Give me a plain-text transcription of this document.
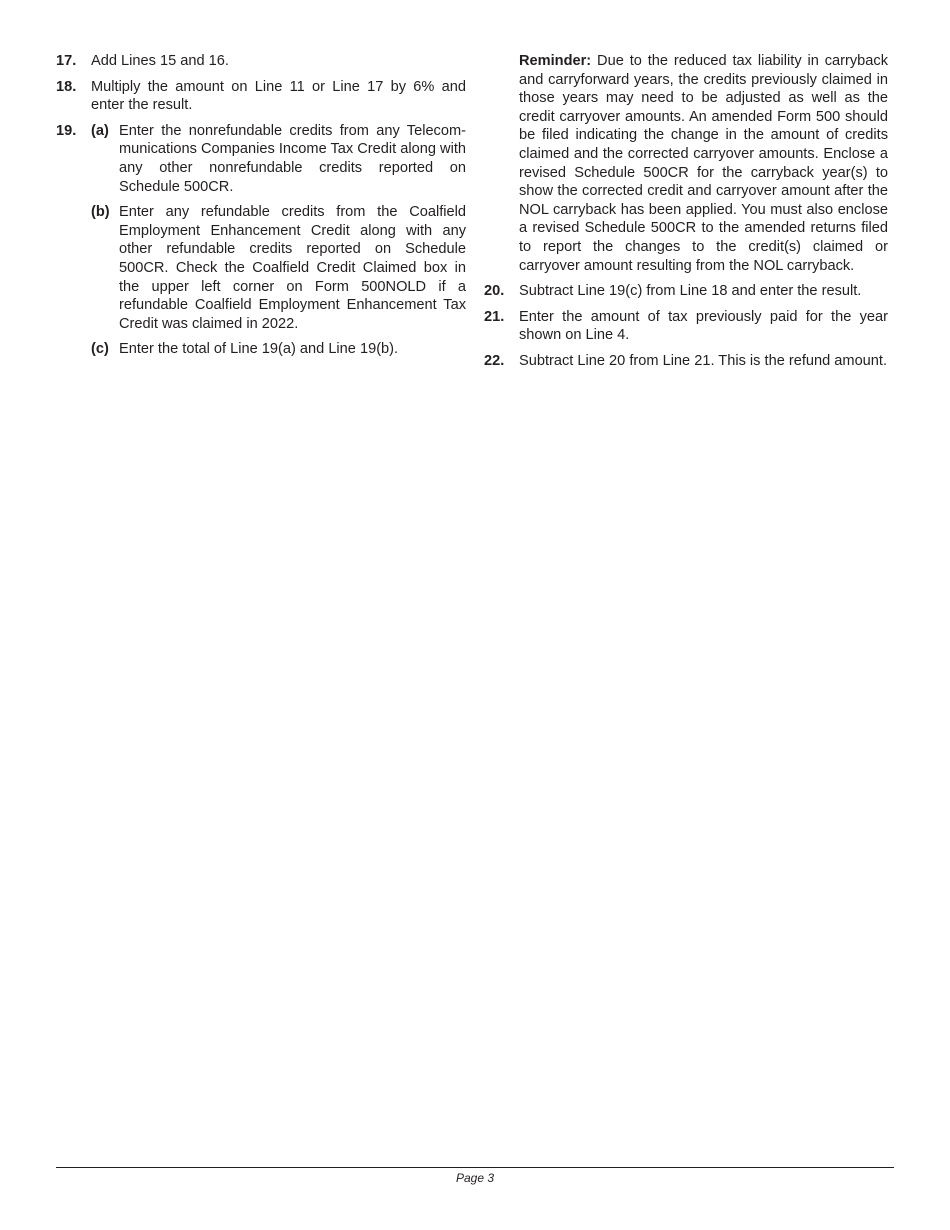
17. Add Lines 15 and 16.
18. Multiply the amount on Line 11 or Line 17 by 6% and enter the result.
19. (a) Enter the nonrefundable credits from any Telecommunications Companies Income Tax Credit along with any other nonrefundable credits reported on Schedule 500CR.
(b) Enter any refundable credits from the Coalfield Employment Enhancement Credit along with any other refundable credits reported on Schedule 500CR. Check the Coalfield Credit Claimed box in the upper left corner on Form 500NOLD if a refundable Coalfield Employment Enhancement Tax Credit was claimed in 2022.
(c) Enter the total of Line 19(a) and Line 19(b).
Reminder: Due to the reduced tax liability in carryback and carryforward years, the credits previously claimed in those years may need to be adjusted as well as the credit carryover amounts. An amended Form 500 should be filed indicating the change in the amount of credits claimed and the corrected carryover amounts. Enclose a revised Schedule 500CR for the carryback year(s) to show the corrected credit and carryover amount after the NOL carryback has been applied. You must also enclose a revised Schedule 500CR to the amended returns filed to report the changes to the credit(s) claimed or carryover amount resulting from the NOL carryback.
20. Subtract Line 19(c) from Line 18 and enter the result.
21. Enter the amount of tax previously paid for the year shown on Line 4.
22. Subtract Line 20 from Line 21. This is the refund amount.
Page 3
